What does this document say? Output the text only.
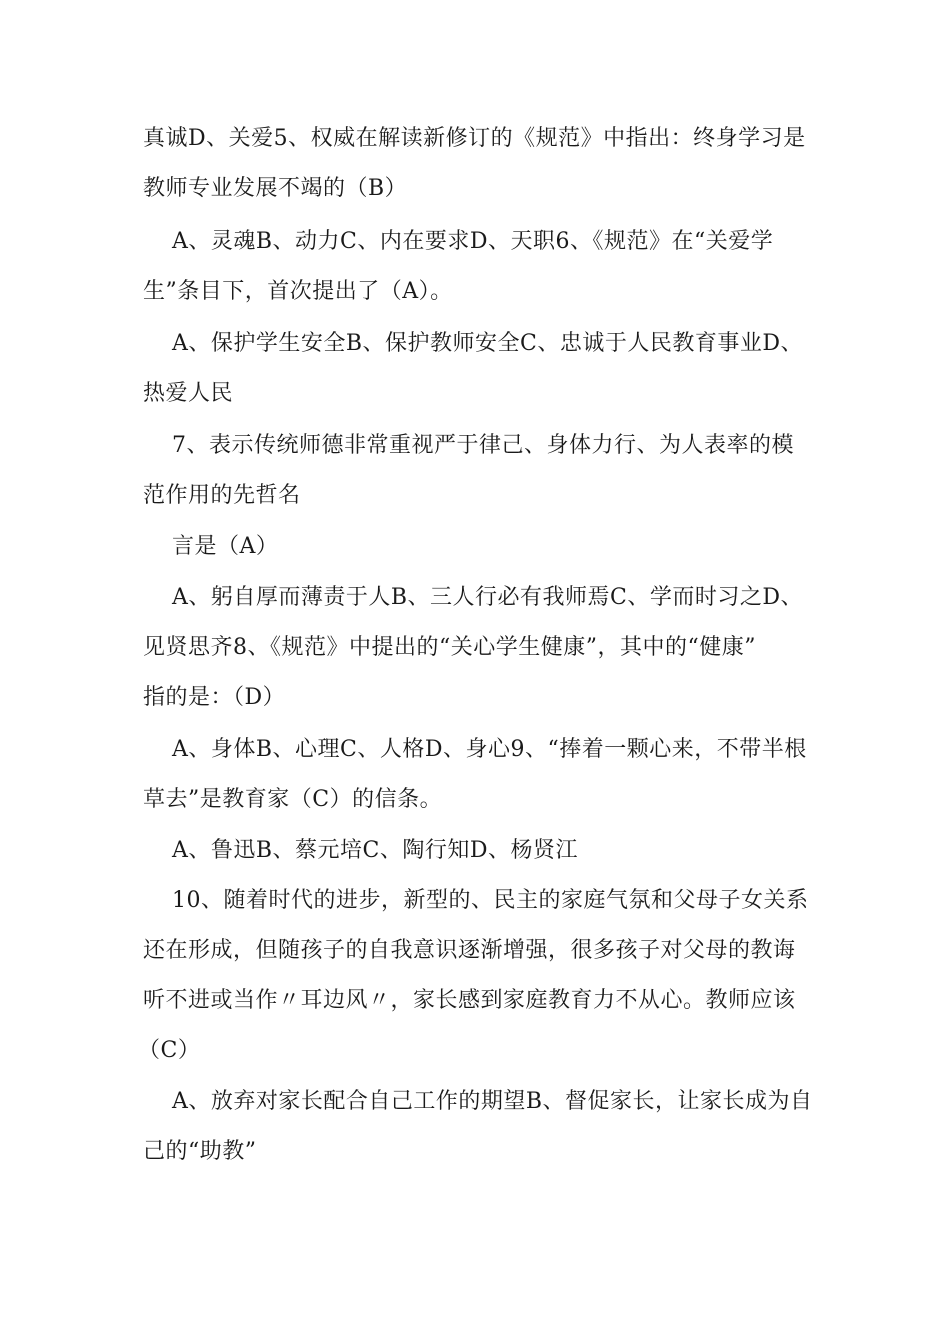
真诚D、关爱5、权威在解读新修订的《规范》中指出：终身学习是
教师专业发展不竭的（B）
A、灵魂B、动力C、内在要求D、天职6、《规范》在“关爱学
生”条目下，首次提出了（A）。
A、保护学生安全B、保护教师安全C、忠诚于人民教育事业D、
热爱人民
7、表示传统师德非常重视严于律己、身体力行、为人表率的模
范作用的先哲名
言是（A）
A、躬自厚而薄责于人B、三人行必有我师焉C、学而时习之D、
见贤思齐8、《规范》中提出的“关心学生健康”，其中的“健康”
指的是：（D）
A、身体B、心理C、人格D、身心9、“捧着一颗心来，不带半根
草去”是教育家（C）的信条。
A、鲁迅B、蔡元培C、陶行知D、杨贤江
10、随着时代的进步，新型的、民主的家庭气氛和父母子女关系
还在形成，但随孩子的自我意识逐渐增强，很多孩子对父母的教诲
听不进或当作〃耳边风〃，家长感到家庭教育力不从心。教师应该
（C）
A、放弃对家长配合自己工作的期望B、督促家长，让家长成为自
己的“助教”
